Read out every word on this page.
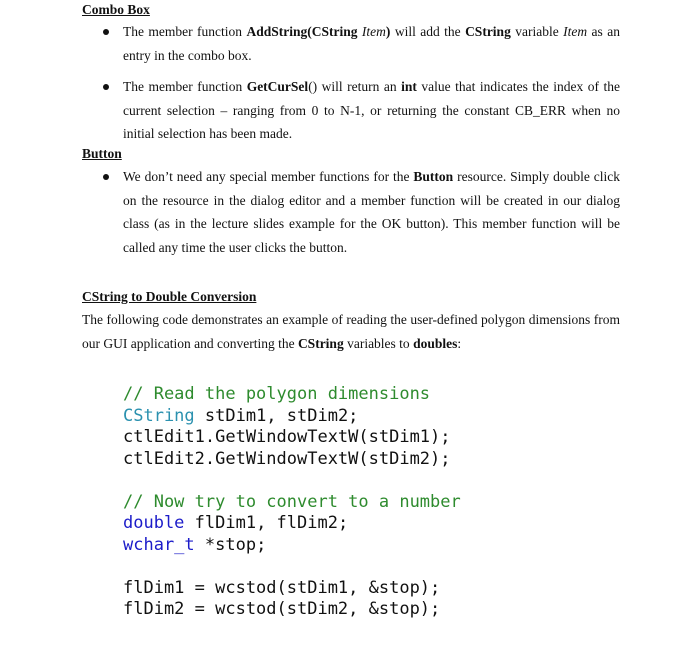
Combo Box
The member function AddString(CString Item) will add the CString variable Item as an entry in the combo box.
The member function GetCurSel() will return an int value that indicates the index of the current selection – ranging from 0 to N-1, or returning the constant CB_ERR when no initial selection has been made.
Button
We don’t need any special member functions for the Button resource. Simply double click on the resource in the dialog editor and a member function will be created in our dialog class (as in the lecture slides example for the OK button). This member function will be called any time the user clicks the button.
CString to Double Conversion

The following code demonstrates an example of reading the user-defined polygon dimensions from our GUI application and converting the CString variables to doubles:

// Read the polygon dimensions
CString stDim1, stDim2;
ctlEdit1.GetWindowTextW(stDim1);
ctlEdit2.GetWindowTextW(stDim2);

// Now try to convert to a number
double flDim1, flDim2;
wchar_t *stop;

flDim1 = wcstod(stDim1, &stop);
flDim2 = wcstod(stDim2, &stop);
